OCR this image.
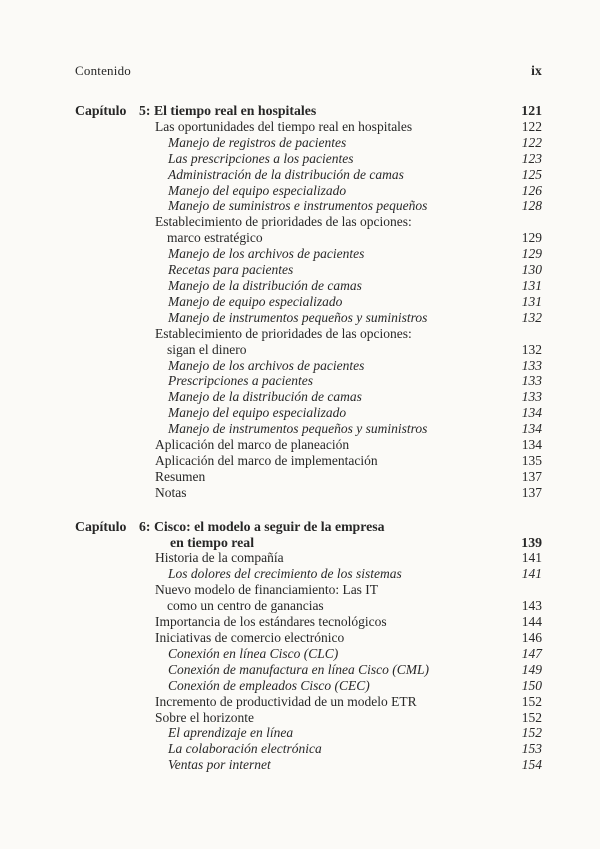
Contenido	ix
Capítulo 5: El tiempo real en hospitales	121
Las oportunidades del tiempo real en hospitales	122
Manejo de registros de pacientes	122
Las prescripciones a los pacientes	123
Administración de la distribución de camas	125
Manejo del equipo especializado	126
Manejo de suministros e instrumentos pequeños	128
Establecimiento de prioridades de las opciones:
marco estratégico	129
Manejo de los archivos de pacientes	129
Recetas para pacientes	130
Manejo de la distribución de camas	131
Manejo de equipo especializado	131
Manejo de instrumentos pequeños y suministros	132
Establecimiento de prioridades de las opciones:
sigan el dinero	132
Manejo de los archivos de pacientes	133
Prescripciones a pacientes	133
Manejo de la distribución de camas	133
Manejo del equipo especializado	134
Manejo de instrumentos pequeños y suministros	134
Aplicación del marco de planeación	134
Aplicación del marco de implementación	135
Resumen	137
Notas	137
Capítulo 6: Cisco: el modelo a seguir de la empresa
en tiempo real	139
Historia de la compañía	141
Los dolores del crecimiento de los sistemas	141
Nuevo modelo de financiamiento: Las IT
como un centro de ganancias	143
Importancia de los estándares tecnológicos	144
Iniciativas de comercio electrónico	146
Conexión en línea Cisco (CLC)	147
Conexión de manufactura en línea Cisco (CML)	149
Conexión de empleados Cisco (CEC)	150
Incremento de productividad de un modelo ETR	152
Sobre el horizonte	152
El aprendizaje en línea	152
La colaboración electrónica	153
Ventas por internet	154
